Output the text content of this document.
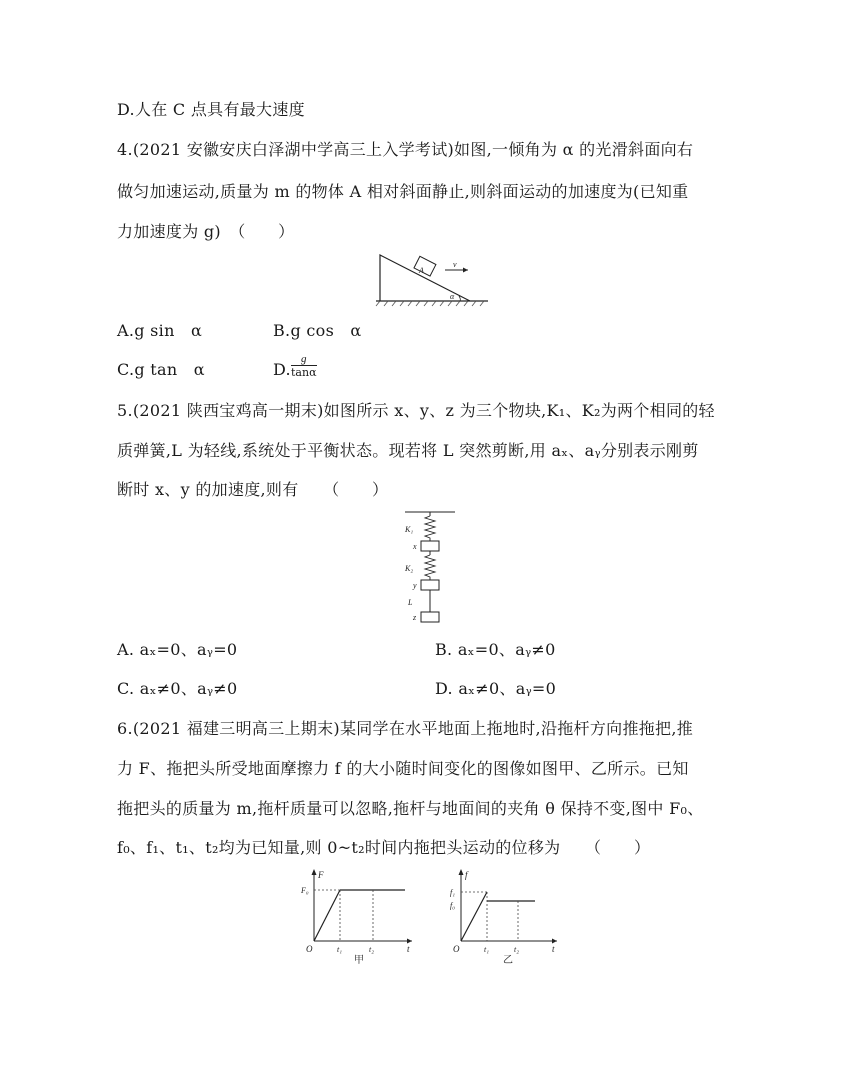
D.人在 C 点具有最大速度
4.(2021 安徽安庆白泽湖中学高三上入学考试)如图,一倾角为 α 的光滑斜面向右
做匀加速运动,质量为 m 的物体 A 相对斜面静止,则斜面运动的加速度为(已知重
力加速度为 g)　（　　）
A
v
α
A.g sin　α	B.g cos　α
C.g tan　α	D. $\frac{g}{\tan\alpha}$
5.(2021 陕西宝鸡高一期末)如图所示 x、y、z 为三个物块,K₁、K₂为两个相同的轻
质弹簧,L 为轻线,系统处于平衡状态。现若将 L 突然剪断,用 aₓ、aᵧ分别表示刚剪
断时 x、y 的加速度,则有　　（　　）
K₁
x
K₂
y
L
z
A. aₓ=0、aᵧ=0	B. aₓ=0、aᵧ≠0
C. aₓ≠0、aᵧ≠0	D. aₓ≠0、aᵧ=0
6.(2021 福建三明高三上期末)某同学在水平地面上拖地时,沿拖杆方向推拖把,推
力 F、拖把头所受地面摩擦力 f 的大小随时间变化的图像如图甲、乙所示。已知
拖把头的质量为 m,拖杆质量可以忽略,拖杆与地面间的夹角 θ 保持不变,图中 F₀、
f₀、f₁、t₁、t₂均为已知量,则 0~t₂时间内拖把头运动的位移为　　（　　）
F
F₀
O	t₁	t₂	t
甲
f
f₁
f₀
O	t₁	t₂	t
乙
